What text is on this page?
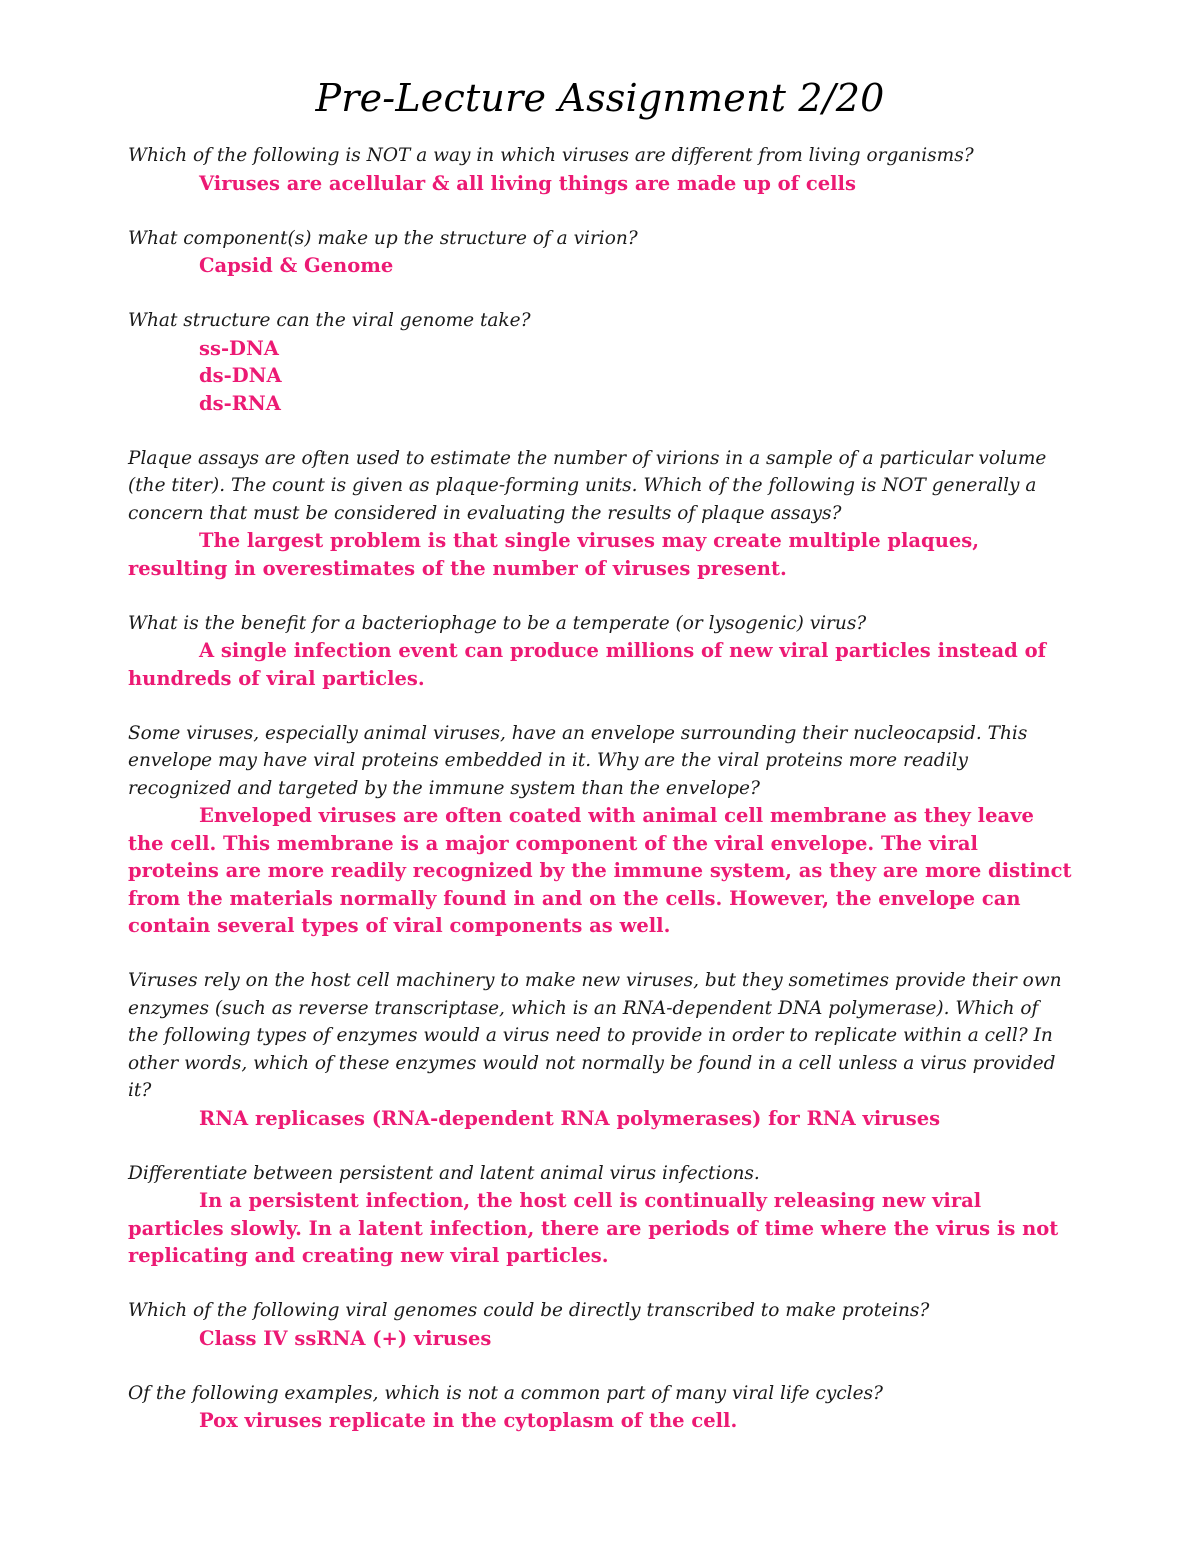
Pre-Lecture Assignment 2/20

Which of the following is NOT a way in which viruses are different from living organisms?

Viruses are acellular & all living things are made up of cells

What component(s) make up the structure of a virion?

Capsid & Genome

What structure can the viral genome take?

ss-DNA
ds-DNA
ds-RNA

Plaque assays are often used to estimate the number of virions in a sample of a particular volume (the titer). The count is given as plaque-forming units. Which of the following is NOT generally a concern that must be considered in evaluating the results of plaque assays?

The largest problem is that single viruses may create multiple plaques, resulting in overestimates of the number of viruses present.

What is the benefit for a bacteriophage to be a temperate (or lysogenic) virus?

A single infection event can produce millions of new viral particles instead of hundreds of viral particles.

Some viruses, especially animal viruses, have an envelope surrounding their nucleocapsid. This envelope may have viral proteins embedded in it. Why are the viral proteins more readily recognized and targeted by the immune system than the envelope?

Enveloped viruses are often coated with animal cell membrane as they leave the cell. This membrane is a major component of the viral envelope. The viral proteins are more readily recognized by the immune system, as they are more distinct from the materials normally found in and on the cells. However, the envelope can contain several types of viral components as well.

Viruses rely on the host cell machinery to make new viruses, but they sometimes provide their own enzymes (such as reverse transcriptase, which is an RNA-dependent DNA polymerase). Which of the following types of enzymes would a virus need to provide in order to replicate within a cell? In other words, which of these enzymes would not normally be found in a cell unless a virus provided it?

RNA replicases (RNA-dependent RNA polymerases) for RNA viruses

Differentiate between persistent and latent animal virus infections.

In a persistent infection, the host cell is continually releasing new viral particles slowly. In a latent infection, there are periods of time where the virus is not replicating and creating new viral particles.

Which of the following viral genomes could be directly transcribed to make proteins?

Class IV ssRNA (+) viruses

Of the following examples, which is not a common part of many viral life cycles?

Pox viruses replicate in the cytoplasm of the cell.
